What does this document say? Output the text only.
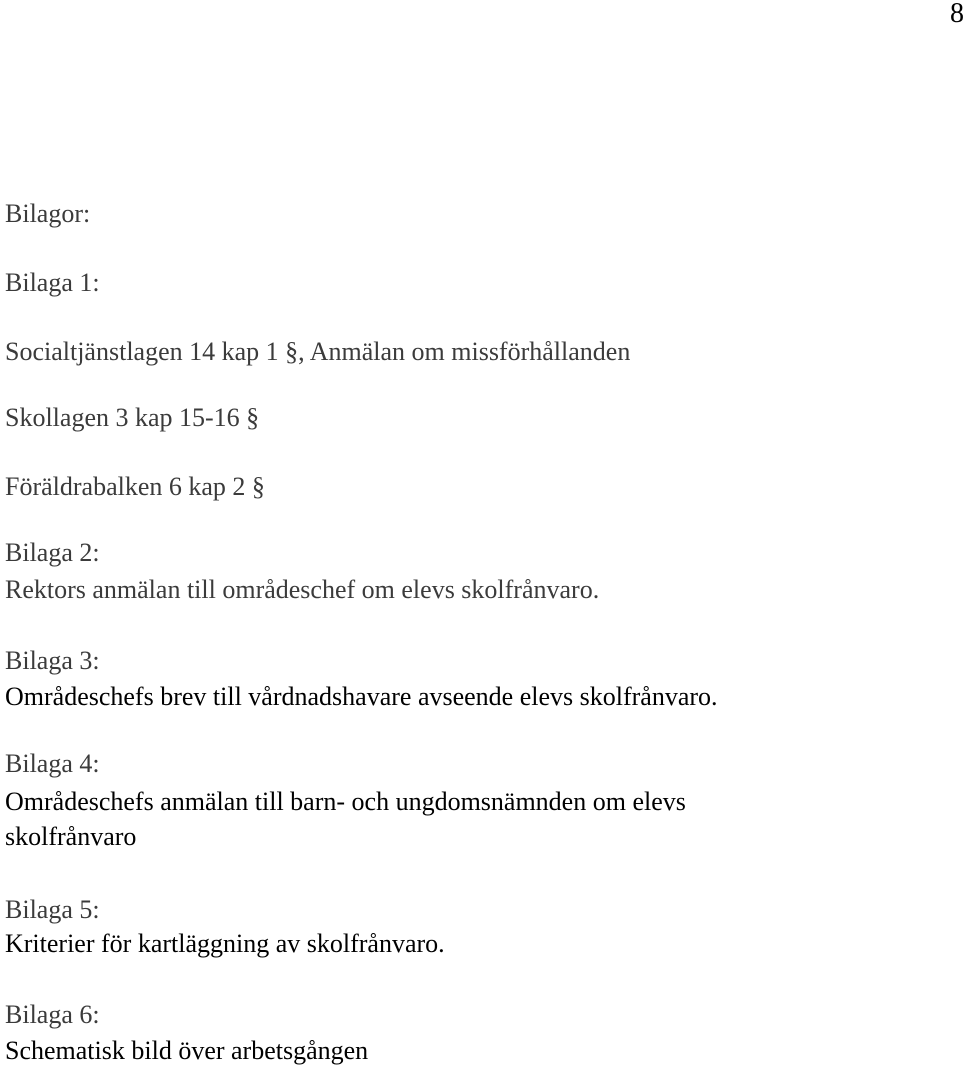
8
Bilagor:
Bilaga 1:
Socialtjänstlagen 14 kap 1 §, Anmälan om missförhållanden
Skollagen 3 kap 15-16 §
Föräldrabalken 6 kap 2 §
Bilaga 2:
Rektors anmälan till områdeschef om elevs skolfrånvaro.
Bilaga 3:
Områdeschefs brev till vårdnadshavare avseende elevs skolfrånvaro.
Bilaga 4:
Områdeschefs anmälan till barn- och ungdomsnämnden om elevs
skolfrånvaro
Bilaga 5:
Kriterier för kartläggning av skolfrånvaro.
Bilaga 6:
Schematisk bild över arbetsgången
